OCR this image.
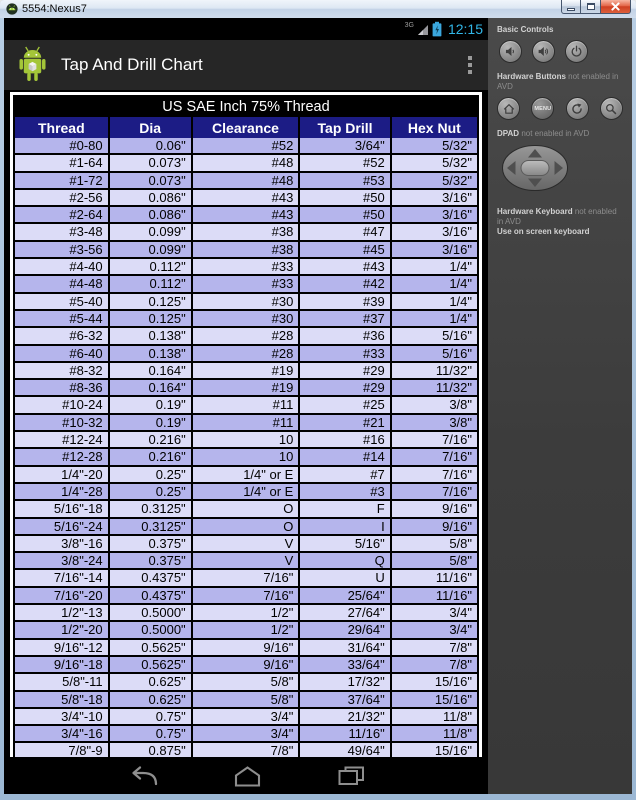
5554:Nexus7
3G 12:15
Tap And Drill Chart
US SAE Inch 75% Thread				
Thread	Dia	Clearance	Tap Drill	Hex Nut
#0-80	0.06"	#52	3/64"	5/32"
#1-64	0.073"	#48	#52	5/32"
#1-72	0.073"	#48	#53	5/32"
#2-56	0.086"	#43	#50	3/16"
#2-64	0.086"	#43	#50	3/16"
#3-48	0.099"	#38	#47	3/16"
#3-56	0.099"	#38	#45	3/16"
#4-40	0.112"	#33	#43	1/4"
#4-48	0.112"	#33	#42	1/4"
#5-40	0.125"	#30	#39	1/4"
#5-44	0.125"	#30	#37	1/4"
#6-32	0.138"	#28	#36	5/16"
#6-40	0.138"	#28	#33	5/16"
#8-32	0.164"	#19	#29	11/32"
#8-36	0.164"	#19	#29	11/32"
#10-24	0.19"	#11	#25	3/8"
#10-32	0.19"	#11	#21	3/8"
#12-24	0.216"	10	#16	7/16"
#12-28	0.216"	10	#14	7/16"
1/4"-20	0.25"	1/4" or E	#7	7/16"
1/4"-28	0.25"	1/4" or E	#3	7/16"
5/16"-18	0.3125"	O	F	9/16"
5/16"-24	0.3125"	O	I	9/16"
3/8"-16	0.375"	V	5/16"	5/8"
3/8"-24	0.375"	V	Q	5/8"
7/16"-14	0.4375"	7/16"	U	11/16"
7/16"-20	0.4375"	7/16"	25/64"	11/16"
1/2"-13	0.5000"	1/2"	27/64"	3/4"
1/2"-20	0.5000"	1/2"	29/64"	3/4"
9/16"-12	0.5625"	9/16"	31/64"	7/8"
9/16"-18	0.5625"	9/16"	33/64"	7/8"
5/8"-11	0.625"	5/8"	17/32"	15/16"
5/8"-18	0.625"	5/8"	37/64"	15/16"
3/4"-10	0.75"	3/4"	21/32"	11/8"
3/4"-16	0.75"	3/4"	11/16"	11/8"
7/8"-9	0.875"	7/8"	49/64"	15/16"
Basic Controls
Hardware Buttons not enabled in AVD
MENU
DPAD not enabled in AVD
Hardware Keyboard not enabled in AVD
Use on screen keyboard
